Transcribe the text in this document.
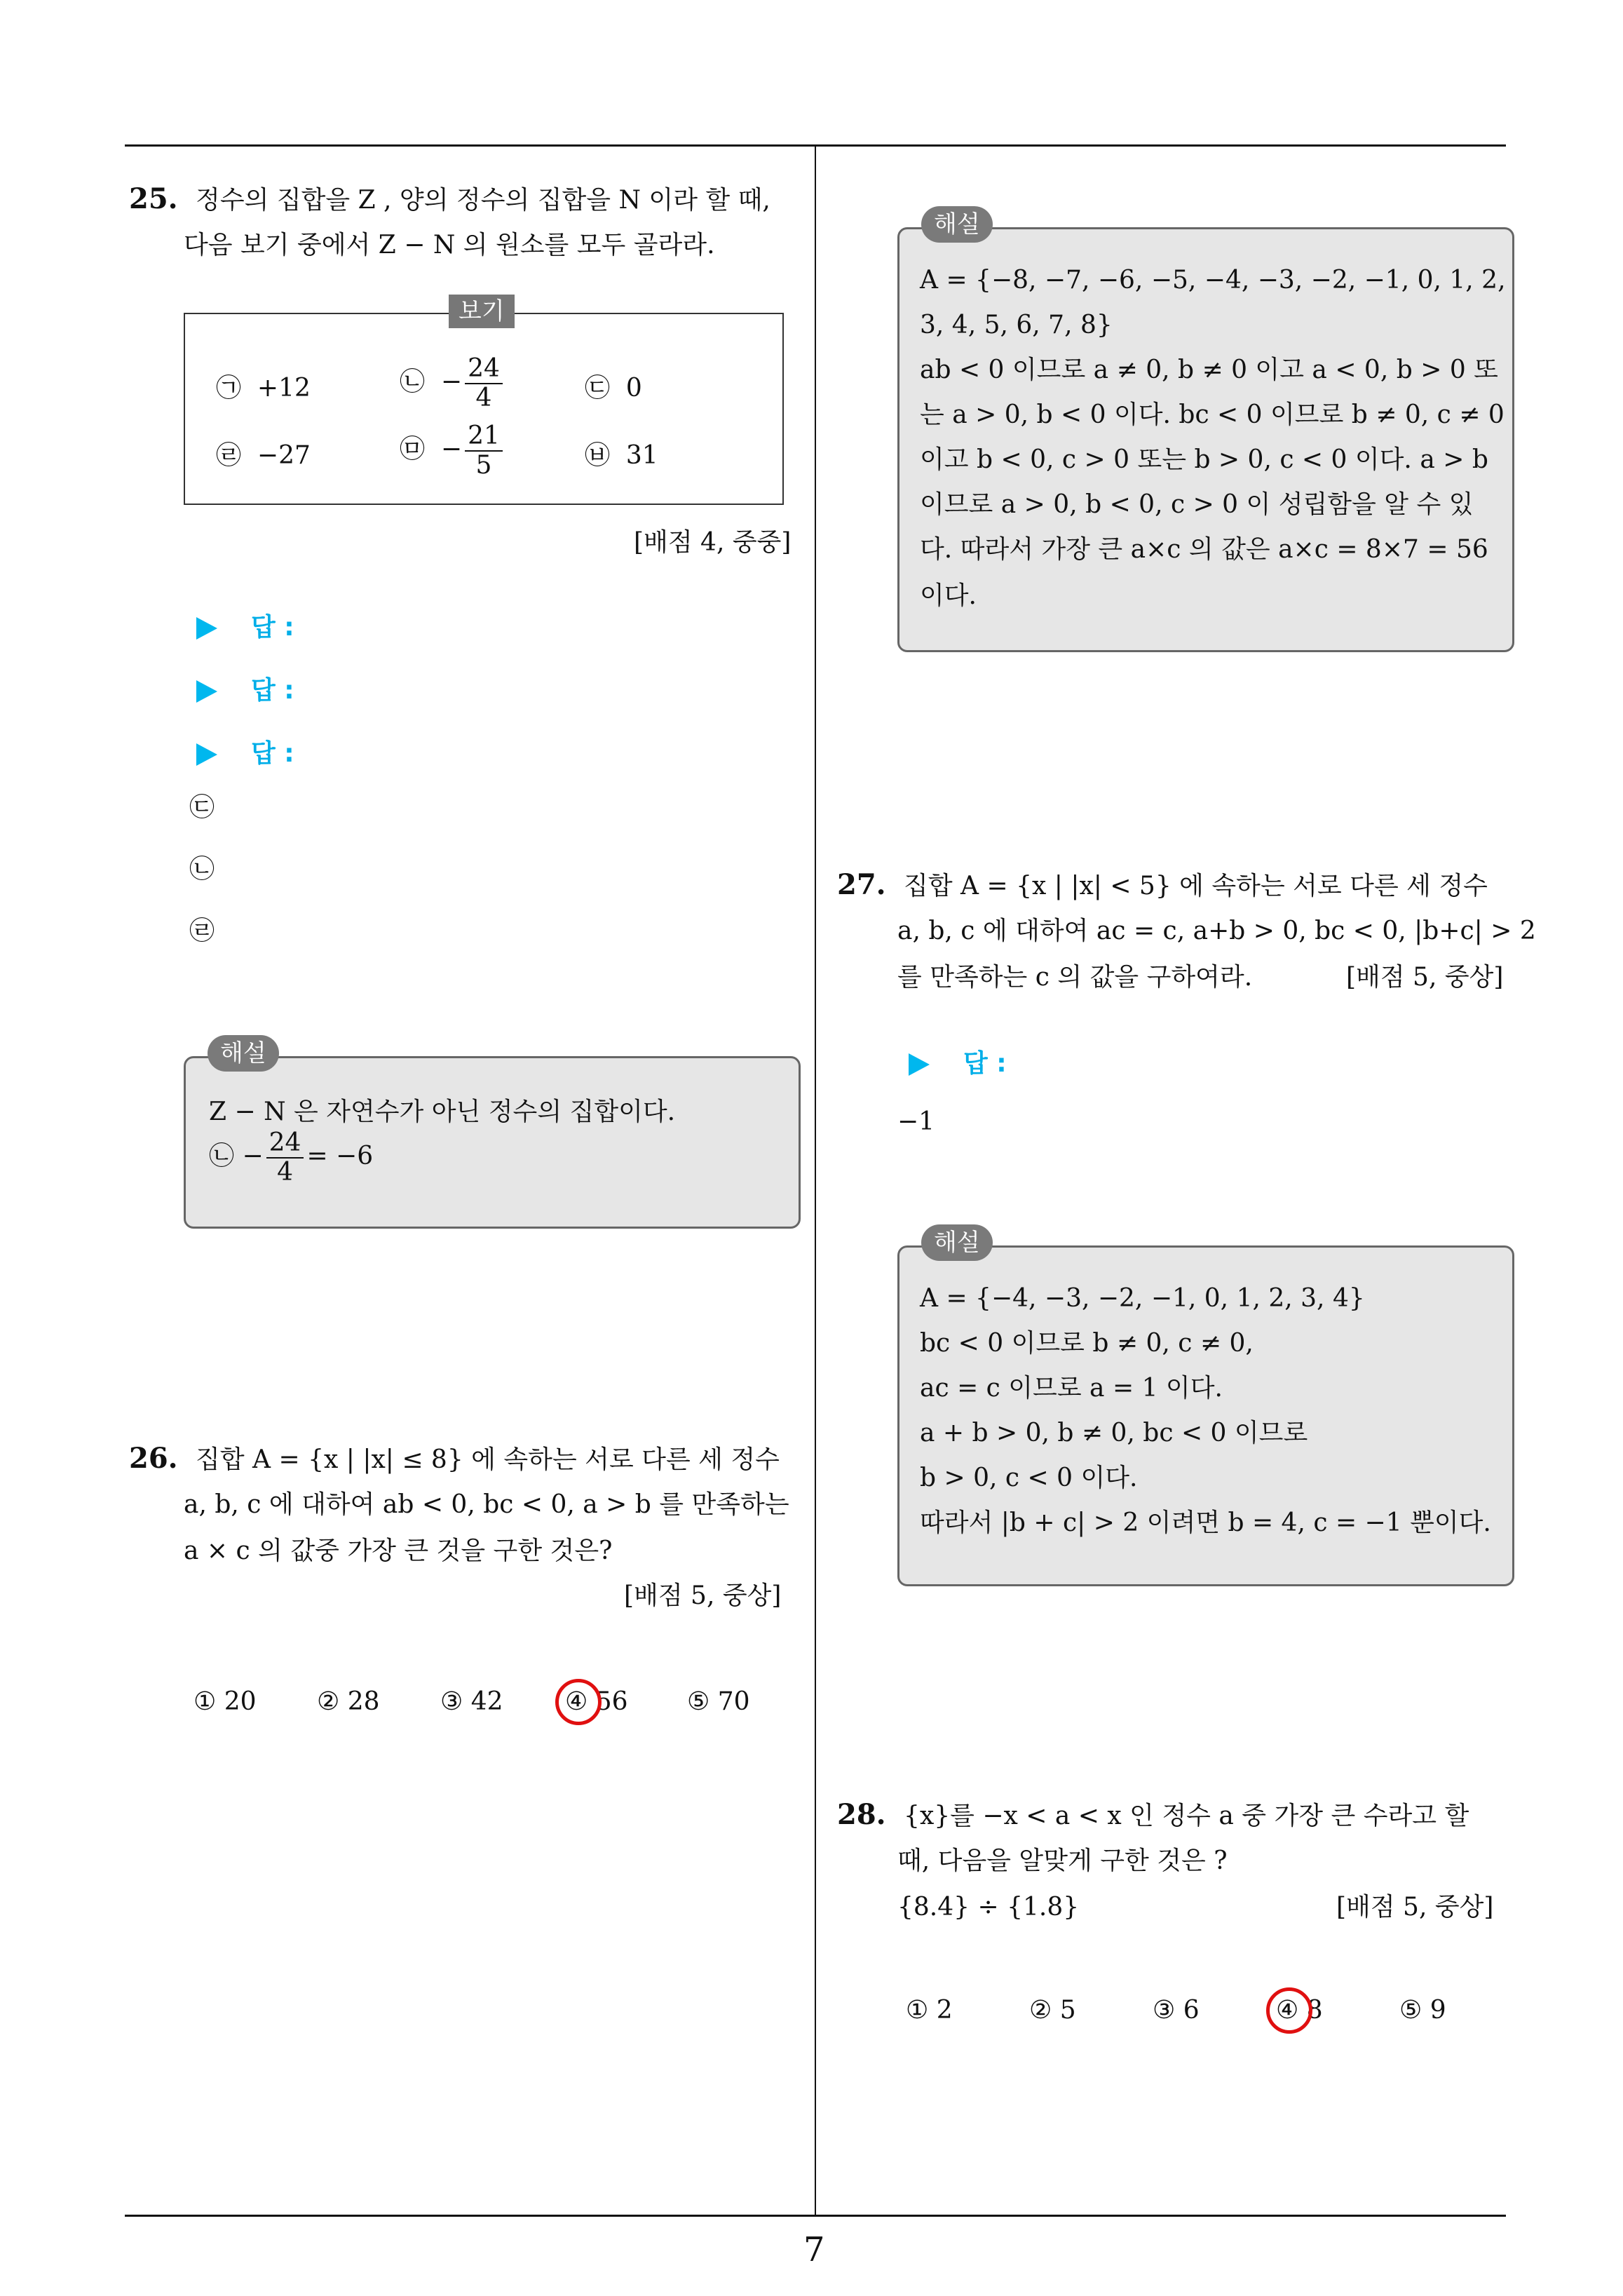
7
25. 정수의 집합을 Z , 양의 정수의 집합을 N 이라 할 때,
다음 보기 중에서 Z − N 의 원소를 모두 골라라.
보기
㉠ +12	㉡ − $\frac{24}{4}$	㉢ 0
㉣ −27	㉤ − $\frac{21}{5}$	㉥ 31
[배점 4, 중중]
답 :
답 :
답 :
㉢
㉡
㉣
해설
Z − N 은 자연수가 아닌 정수의 집합이다.
㉡ − $\frac{24}{4} = -6$
26. 집합 A = {x | |x| ≤ 8} 에 속하는 서로 다른 세 정수
a, b, c 에 대하여 ab < 0, bc < 0, a > b 를 만족하는
a × c 의 값중 가장 큰 것을 구한 것은?
[배점 5, 중상]
① 20 ② 28 ③ 42 ④ 56 ⑤ 70
해설
A = {−8, −7, −6, −5, −4, −3, −2, −1, 0, 1, 2,
3, 4, 5, 6, 7, 8}
ab < 0 이므로 a ≠ 0, b ≠ 0 이고 a < 0, b > 0 또
는 a > 0, b < 0 이다. bc < 0 이므로 b ≠ 0, c ≠ 0
이고 b < 0, c > 0 또는 b > 0, c < 0 이다. a > b
이므로 a > 0, b < 0, c > 0 이 성립함을 알 수 있
다. 따라서 가장 큰 a×c 의 값은 a×c = 8×7 = 56
이다.
27. 집합 A = {x | |x| < 5} 에 속하는 서로 다른 세 정수
a, b, c 에 대하여 ac = c, a+b > 0, bc < 0, |b+c| > 2
를 만족하는 c 의 값을 구하여라.	[배점 5, 중상]
답 :
−1
해설
A = {−4, −3, −2, −1, 0, 1, 2, 3, 4}
bc < 0 이므로 b ≠ 0, c ≠ 0,
ac = c 이므로 a = 1 이다.
a + b > 0, b ≠ 0, bc < 0 이므로
b > 0, c < 0 이다.
따라서 |b + c| > 2 이려면 b = 4, c = −1 뿐이다.
28. {x}를 −x < a < x 인 정수 a 중 가장 큰 수라고 할
때, 다음을 알맞게 구한 것은 ?
{8.4} ÷ {1.8}	[배점 5, 중상]
① 2	② 5	③ 6	④ 8	⑤ 9
